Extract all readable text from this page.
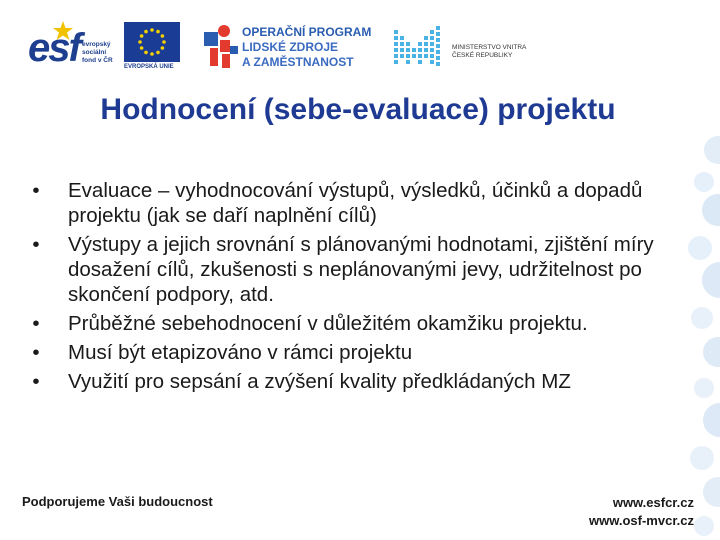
esf evropský
sociální
fond v ČR
EVROPSKÁ UNIE
OPERAČNÍ PROGRAM
LIDSKÉ ZDROJE
A ZAMĚSTNANOST
MINISTERSTVO VNITRA
ČESKÉ REPUBLIKY
Hodnocení (sebe-evaluace) projektu
• Evaluace – vyhodnocování výstupů, výsledků, účinků a dopadů projektu (jak se daří naplnění cílů)
• Výstupy a jejich srovnání s plánovanými hodnotami, zjištění míry dosažení cílů, zkušenosti s neplánovanými jevy, udržitelnost po skončení podpory, atd.
• Průběžné sebehodnocení v důležitém okamžiku projektu.
• Musí být etapizováno v rámci projektu
• Využití pro sepsání a zvýšení kvality předkládaných MZ
Podporujeme Vaši budoucnost	www.esfcr.cz
www.osf-mvcr.cz
